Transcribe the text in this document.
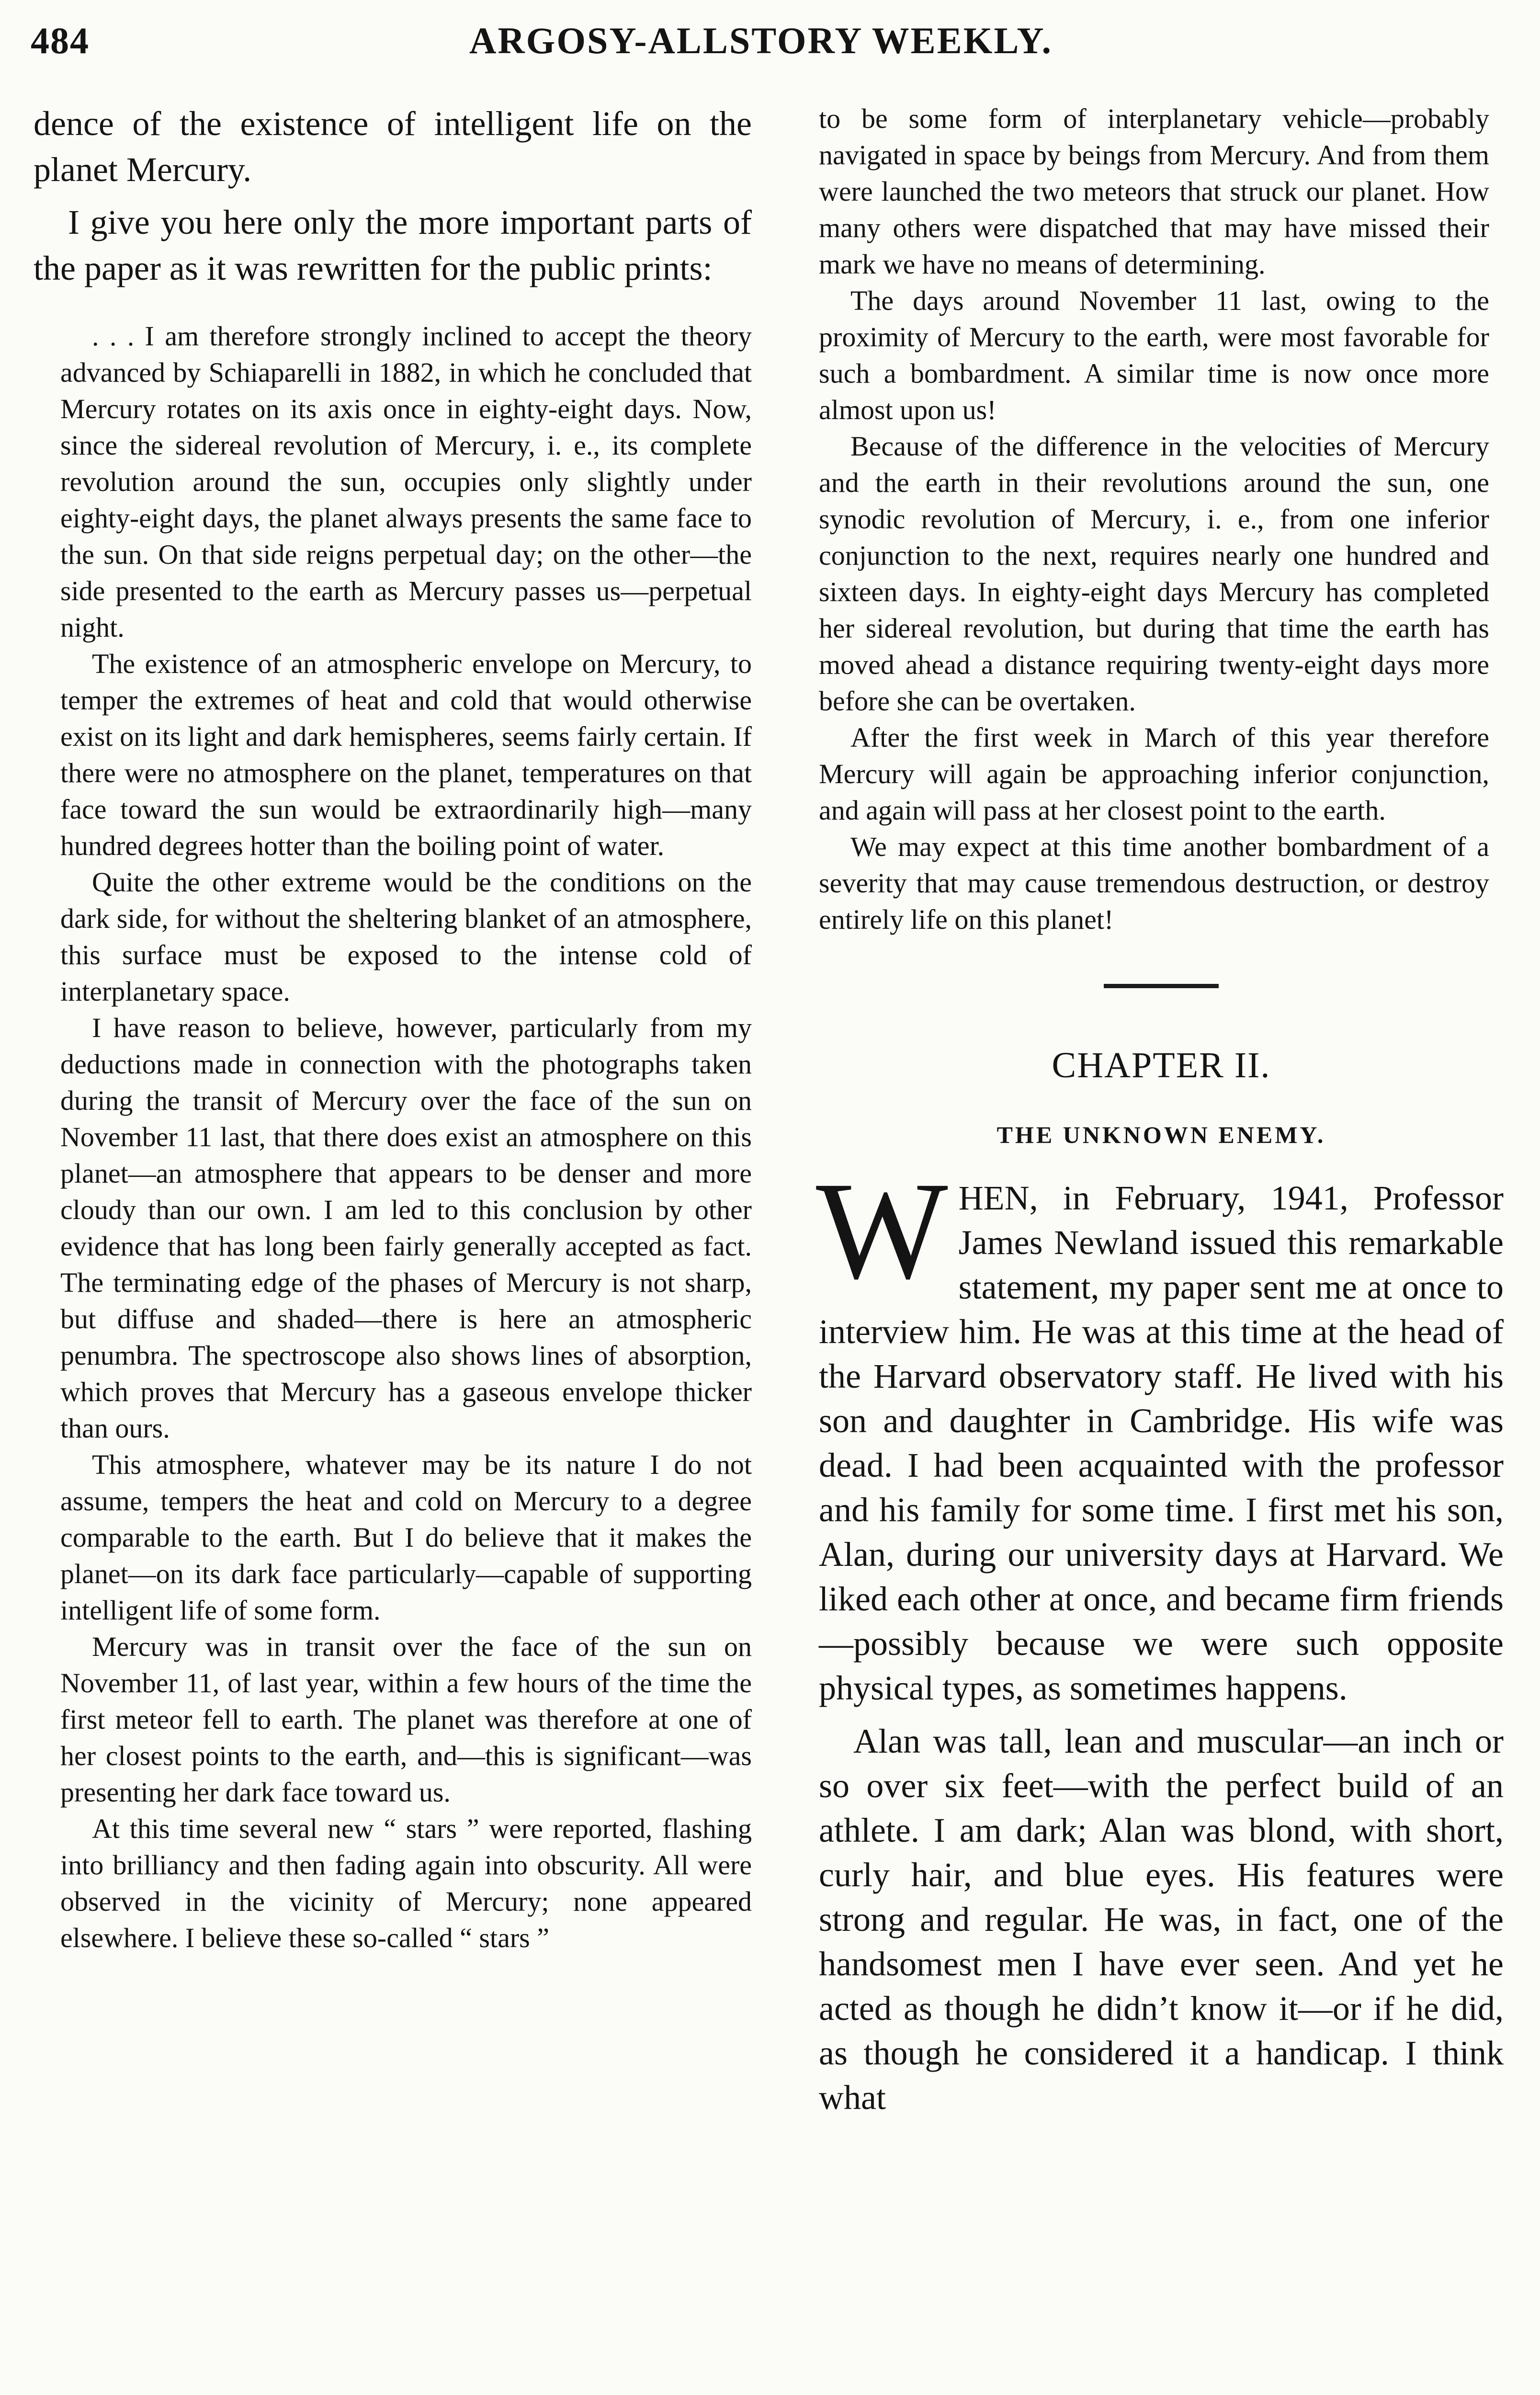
484	ARGOSY-ALLSTORY WEEKLY.

dence of the existence of intelligent life on the planet Mercury.

I give you here only the more important parts of the paper as it was rewritten for the public prints:

. . . I am therefore strongly inclined to accept the theory advanced by Schiaparelli in 1882, in which he concluded that Mercury rotates on its axis once in eighty-eight days. Now, since the sidereal revolution of Mercury, i. e., its complete revolution around the sun, occupies only slightly under eighty-eight days, the planet always presents the same face to the sun. On that side reigns perpetual day; on the other—the side presented to the earth as Mercury passes us—perpetual night.

The existence of an atmospheric envelope on Mercury, to temper the extremes of heat and cold that would otherwise exist on its light and dark hemispheres, seems fairly certain. If there were no atmosphere on the planet, temperatures on that face toward the sun would be extraordinarily high—many hundred degrees hotter than the boiling point of water.

Quite the other extreme would be the conditions on the dark side, for without the sheltering blanket of an atmosphere, this surface must be exposed to the intense cold of interplanetary space.

I have reason to believe, however, particularly from my deductions made in connection with the photographs taken during the transit of Mercury over the face of the sun on November 11 last, that there does exist an atmosphere on this planet—an atmosphere that appears to be denser and more cloudy than our own. I am led to this conclusion by other evidence that has long been fairly generally accepted as fact. The terminating edge of the phases of Mercury is not sharp, but diffuse and shaded—there is here an atmospheric penumbra. The spectroscope also shows lines of absorption, which proves that Mercury has a gaseous envelope thicker than ours.

This atmosphere, whatever may be its nature I do not assume, tempers the heat and cold on Mercury to a degree comparable to the earth. But I do believe that it makes the planet—on its dark face particularly—capable of supporting intelligent life of some form.

Mercury was in transit over the face of the sun on November 11, of last year, within a few hours of the time the first meteor fell to earth. The planet was therefore at one of her closest points to the earth, and—this is significant—was presenting her dark face toward us.

At this time several new “ stars ” were reported, flashing into brilliancy and then fading again into obscurity. All were observed in the vicinity of Mercury; none appeared elsewhere. I believe these so-called “ stars ”

to be some form of interplanetary vehicle—probably navigated in space by beings from Mercury. And from them were launched the two meteors that struck our planet. How many others were dispatched that may have missed their mark we have no means of determining.

The days around November 11 last, owing to the proximity of Mercury to the earth, were most favorable for such a bombardment. A similar time is now once more almost upon us!

Because of the difference in the velocities of Mercury and the earth in their revolutions around the sun, one synodic revolution of Mercury, i. e., from one inferior conjunction to the next, requires nearly one hundred and sixteen days. In eighty-eight days Mercury has completed her sidereal revolution, but during that time the earth has moved ahead a distance requiring twenty-eight days more before she can be overtaken.

After the first week in March of this year therefore Mercury will again be approaching inferior conjunction, and again will pass at her closest point to the earth.

We may expect at this time another bombardment of a severity that may cause tremendous destruction, or destroy entirely life on this planet!

CHAPTER II.
THE UNKNOWN ENEMY.
W HEN, in February, 1941, Professor James Newland issued this remarkable statement, my paper sent me at once to interview him. He was at this time at the head of the Harvard observatory staff. He lived with his son and daughter in Cambridge. His wife was dead. I had been acquainted with the professor and his family for some time. I first met his son, Alan, during our university days at Harvard. We liked each other at once, and became firm friends—possibly because we were such opposite physical types, as sometimes happens.

Alan was tall, lean and muscular—an inch or so over six feet—with the perfect build of an athlete. I am dark; Alan was blond, with short, curly hair, and blue eyes. His features were strong and regular. He was, in fact, one of the handsomest men I have ever seen. And yet he acted as though he didn’t know it—or if he did, as though he considered it a handicap. I think what
